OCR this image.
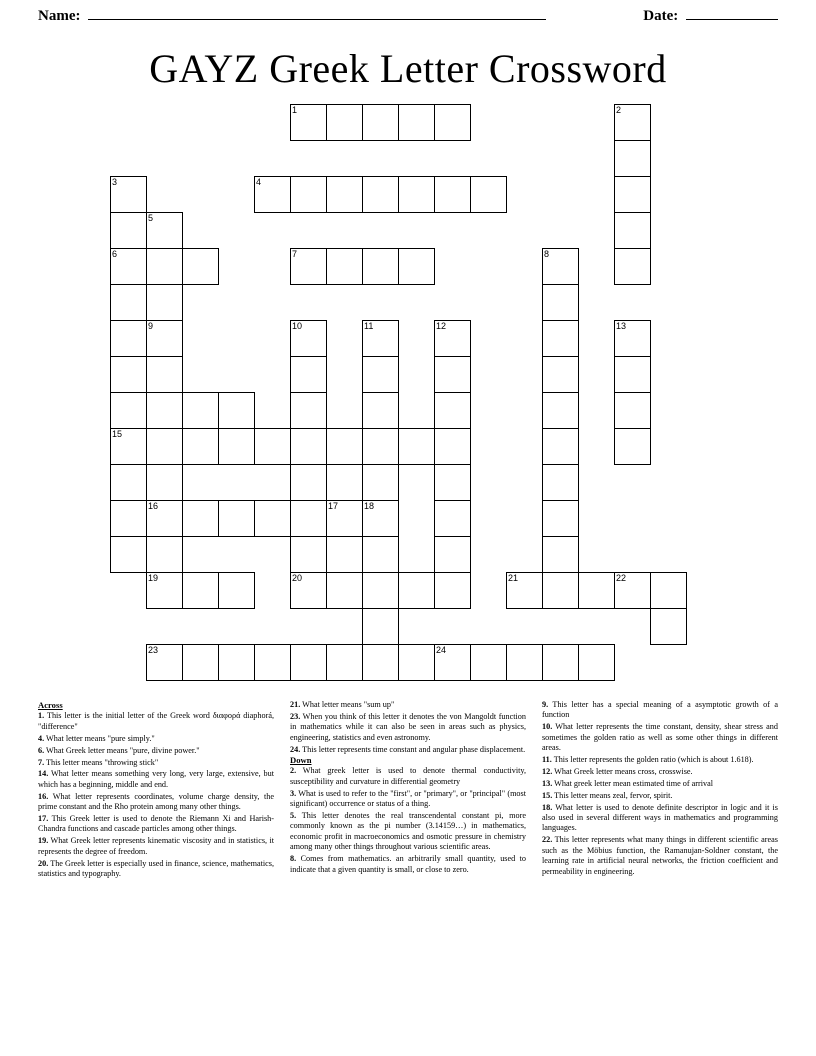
Name:	Date:
GAYZ Greek Letter Crossword
1	2
3	4
5
6	7	8
9	10	11	12	13
15
16	17	18
19	20	21	22
23	24
Across

1. This letter is the initial letter of the Greek word διαφορά diaphorá, "difference"

4. What letter means "pure simply."

6. What Greek letter means "pure, divine power."

7. This letter means "throwing stick"

14. What letter means something very long, very large, extensive, but which has a beginning, middle and end.

16. What letter represents coordinates, volume charge density, the prime constant and the Rho protein among many other things.

17. This Greek letter is used to denote the Riemann Xi and Harish-Chandra functions and cascade particles among other things.

19. What Greek letter represents kinematic viscosity and in statistics, it represents the degree of freedom.

20. The Greek letter is especially used in finance, science, mathematics, statistics and typography.

21. What letter means "sum up"

23. When you think of this letter it denotes the von Mangoldt function in mathematics while it can also be seen in areas such as physics, engineering, statistics and even astronomy.

24. This letter represents time constant and angular phase displacement.

Down

2. What greek letter is used to denote thermal conductivity, susceptibility and curvature in differential geometry

3. What is used to refer to the "first", or "primary", or "principal" (most significant) occurrence or status of a thing.

5. This letter denotes the real transcendental constant pi, more commonly known as the pi number (3.14159…) in mathematics, economic profit in macroeconomics and osmotic pressure in chemistry among many other things throughout various scientific areas.

8. Comes from mathematics. an arbitrarily small quantity, used to indicate that a given quantity is small, or close to zero.

9. This letter has a special meaning of a asymptotic growth of a function

10. What letter represents the time constant, density, shear stress and sometimes the golden ratio as well as some other things in different areas.

11. This letter represents the golden ratio (which is about 1.618).

12. What Greek letter means cross, crosswise.

13. What greek letter mean estimated time of arrival

15. This letter means zeal, fervor, spirit.

18. What letter is used to denote definite descriptor in logic and it is also used in several different ways in mathematics and programming languages.

22. This letter represents what many things in different scientific areas such as the Möbius function, the Ramanujan-Soldner constant, the learning rate in artificial neural networks, the friction coefficient and permeability in engineering.
